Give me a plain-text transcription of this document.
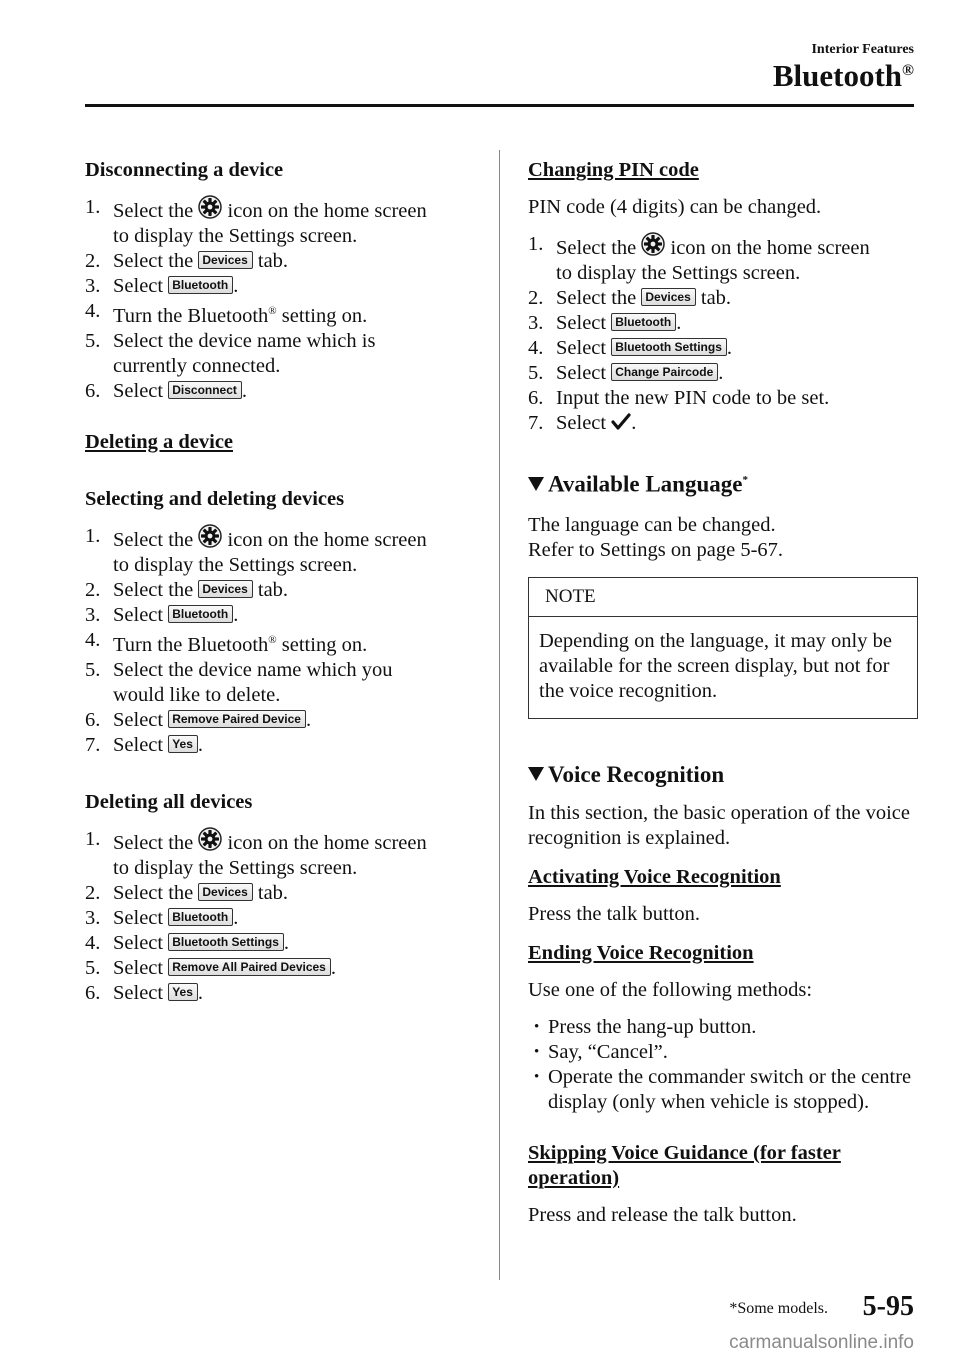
Interior Features
Bluetooth®
Disconnecting a device
1. Select the icon on the home screen
to display the Settings screen.
2. Select the Devices tab.
3. Select Bluetooth .
4. Turn the Bluetooth® setting on.
5. Select the device name which is
currently connected.
6. Select Disconnect .
Deleting a device
Selecting and deleting devices
1. Select the icon on the home screen
to display the Settings screen.
2. Select the Devices tab.
3. Select Bluetooth .
4. Turn the Bluetooth® setting on.
5. Select the device name which you
would like to delete.
6. Select Remove Paired Device .
7. Select Yes .
Deleting all devices
1. Select the icon on the home screen
to display the Settings screen.
2. Select the Devices tab.
3. Select Bluetooth .
4. Select Bluetooth Settings .
5. Select Remove All Paired Devices .
6. Select Yes .
Changing PIN code

PIN code (4 digits) can be changed.

1. Select the icon on the home screen
to display the Settings screen.
2. Select the Devices tab.
3. Select Bluetooth .
4. Select Bluetooth Settings .
5. Select Change Paircode .
6. Input the new PIN code to be set.
7. Select .
Available Language*

The language can be changed.

Refer to Settings on page 5-67.

NOTE
Depending on the language, it may only be available for the screen display, but not for the voice recognition.
Voice Recognition

In this section, the basic operation of the voice recognition is explained.

Activating Voice Recognition

Press the talk button.

Ending Voice Recognition

Use one of the following methods:

• Press the hang-up button.
• Say, “Cancel”.
• Operate the commander switch or the centre display (only when vehicle is stopped).
Skipping Voice Guidance (for faster operation)

Press and release the talk button.

*Some models. 5-95
carmanualsonline.info
